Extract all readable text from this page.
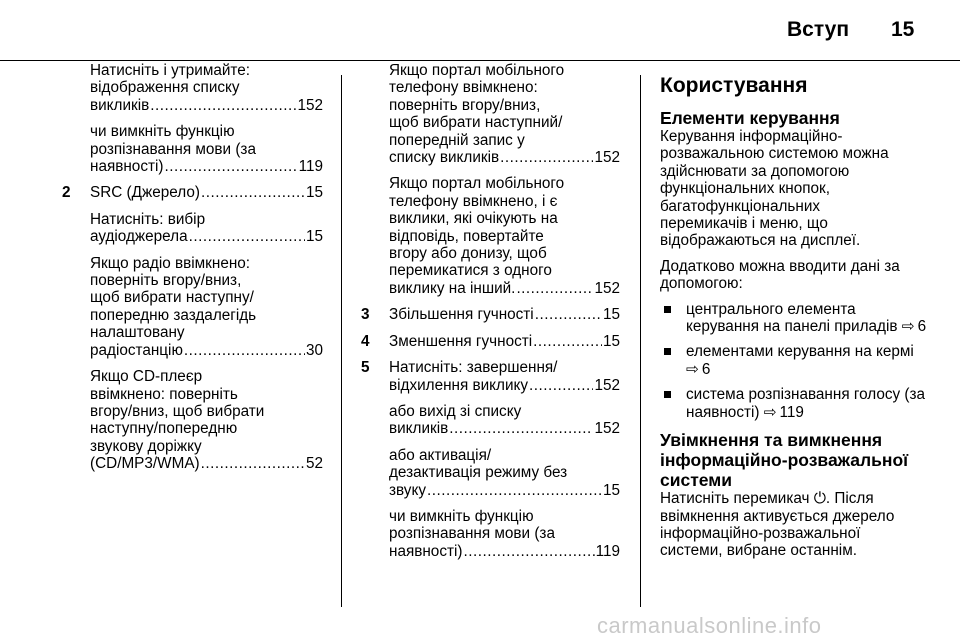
Вступ 15
Натисніть і утримайте:
відображення списку
викликів .....	152
чи вимкніть функцію
розпізнавання мови (за
наявності) .....	119
2 SRC (Джерело) .....	15
Натисніть: вибір
аудіоджерела .....	15
Якщо радіо ввімкнено:
поверніть вгору/вниз,
щоб вибрати наступну/
попередню заздалегідь
налаштовану
радіостанцію .....	30
Якщо CD-плеєр
ввімкнено: поверніть
вгору/вниз, щоб вибрати
наступну/попередню
звукову доріжку
(CD/MP3/WMA) .....	52
Якщо портал мобільного
телефону ввімкнено:
поверніть вгору/вниз,
щоб вибрати наступний/
попередній запис у
списку викликів .....	152
Якщо портал мобільного
телефону ввімкнено, і є
виклики, які очікують на
відповідь, повертайте
вгору або донизу, щоб
перемикатися з одного
виклику на інший. .....	152
3 Збільшення гучності .....	15
4 Зменшення гучності .....	15
5 Натисніть: завершення/
відхилення виклику .....	152
або вихід зі списку
викликів .....	152
або активація/
дезактивація режиму без
звуку .....	15
чи вимкніть функцію
розпізнавання мови (за
наявності) .....	119
Користування
Елементи керування
Керування інформаційно-
розважальною системою можна
здійснювати за допомогою
функціональних кнопок,
багатофункціональних
перемикачів і меню, що
відображаються на дисплеї.
Додатково можна вводити дані за
допомогою:
центрального елемента
керування на панелі приладів ⇨ 6
елементами керування на кермі
⇨ 6
система розпізнавання голосу (за
наявності) ⇨ 119
Увімкнення та вимкнення
інформаційно-розважальної
системи
Натисніть перемикач ⏻. Після
ввімкнення активується джерело
інформаційно-розважальної
системи, вибране останнім.
carmanualsonline.info
